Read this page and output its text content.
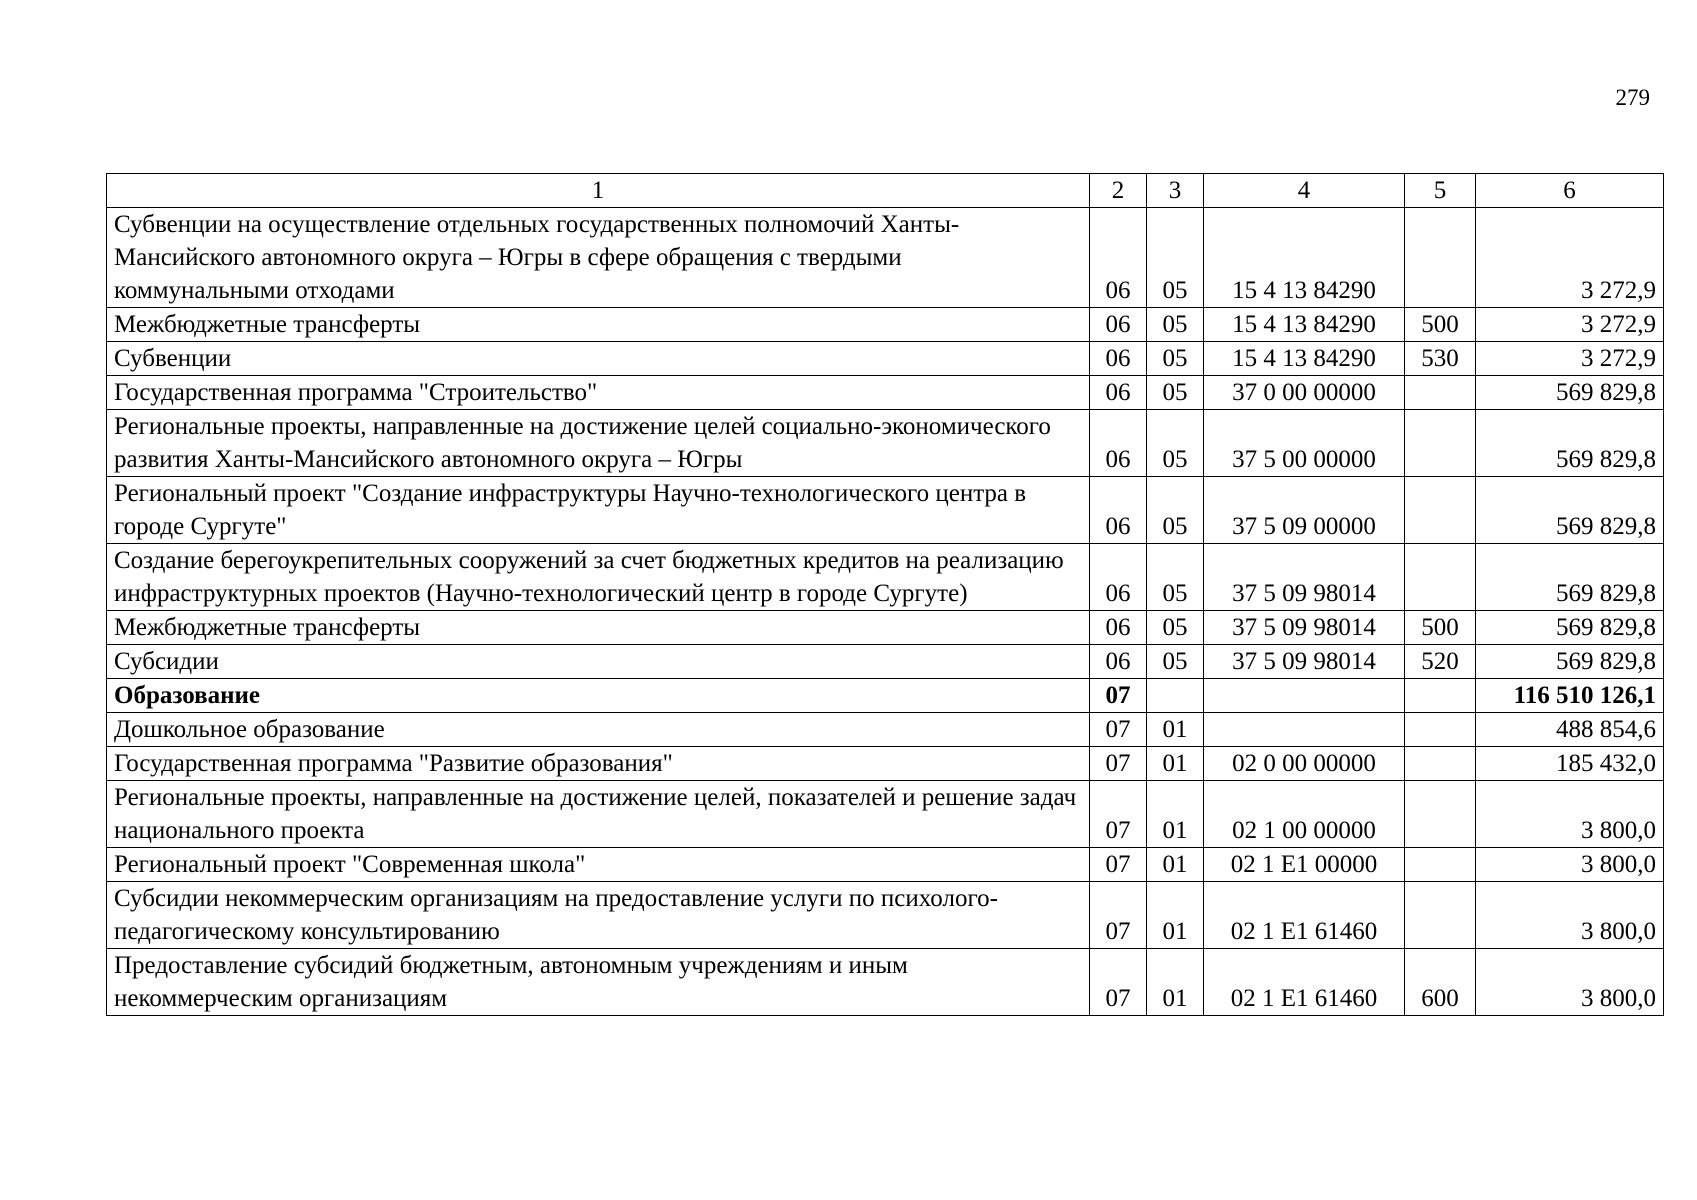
279
1	2	3	4	5	6
Субвенции на осуществление отдельных государственных полномочий Ханты-Мансийского автономного округа – Югры в сфере обращения с твердыми коммунальными отходами	06	05	15 4 13 84290		3 272,9
Межбюджетные трансферты	06	05	15 4 13 84290	500	3 272,9
Субвенции	06	05	15 4 13 84290	530	3 272,9
Государственная программа "Строительство"	06	05	37 0 00 00000		569 829,8
Региональные проекты, направленные на достижение целей социально-экономического развития Ханты-Мансийского автономного округа – Югры	06	05	37 5 00 00000		569 829,8
Региональный проект "Создание инфраструктуры Научно-технологического центра в городе Сургуте"	06	05	37 5 09 00000		569 829,8
Создание берегоукрепительных сооружений за счет бюджетных кредитов на реализацию инфраструктурных проектов (Научно-технологический центр в городе Сургуте)	06	05	37 5 09 98014		569 829,8
Межбюджетные трансферты	06	05	37 5 09 98014	500	569 829,8
Субсидии	06	05	37 5 09 98014	520	569 829,8
Образование	07				116 510 126,1
Дошкольное образование	07	01			488 854,6
Государственная программа "Развитие образования"	07	01	02 0 00 00000		185 432,0
Региональные проекты, направленные на достижение целей, показателей и решение задач национального проекта	07	01	02 1 00 00000		3 800,0
Региональный проект "Современная школа"	07	01	02 1 E1 00000		3 800,0
Субсидии некоммерческим организациям на предоставление услуги по психолого-педагогическому консультированию	07	01	02 1 E1 61460		3 800,0
Предоставление субсидий бюджетным, автономным учреждениям и иным некоммерческим организациям	07	01	02 1 E1 61460	600	3 800,0
